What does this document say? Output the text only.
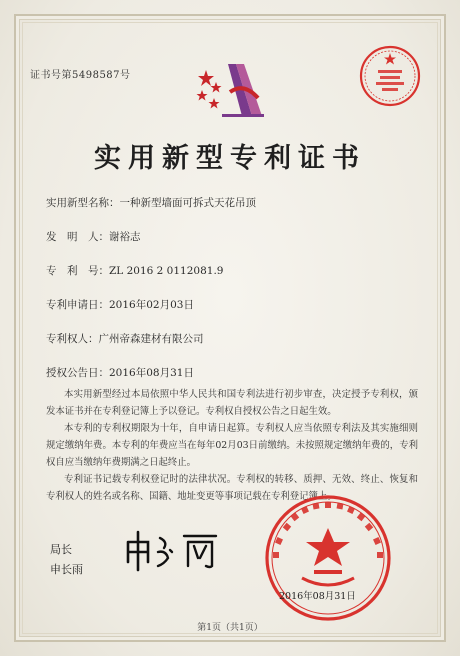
证书号第5498587号
实用新型专利证书
实用新型名称：一种新型墙面可拆式天花吊顶
发　明　人：谢裕志
专　利　号：ZL 2016 2 0112081.9
专利申请日：2016年02月03日
专利权人：广州帝森建材有限公司
授权公告日：2016年08月31日
本实用新型经过本局依照中华人民共和国专利法进行初步审查，决定授予专利权，颁发本证书并在专利登记簿上予以登记。专利权自授权公告之日起生效。
本专利的专利权期限为十年，自申请日起算。专利权人应当依照专利法及其实施细则规定缴纳年费。本专利的年费应当在每年02月03日前缴纳。未按照规定缴纳年费的，专利权自应当缴纳年费期满之日起终止。
专利证书记载专利权登记时的法律状况。专利权的转移、质押、无效、终止、恢复和专利权人的姓名或名称、国籍、地址变更等事项记载在专利登记簿上。
局长
申长雨
2016年08月31日
第1页（共1页）
